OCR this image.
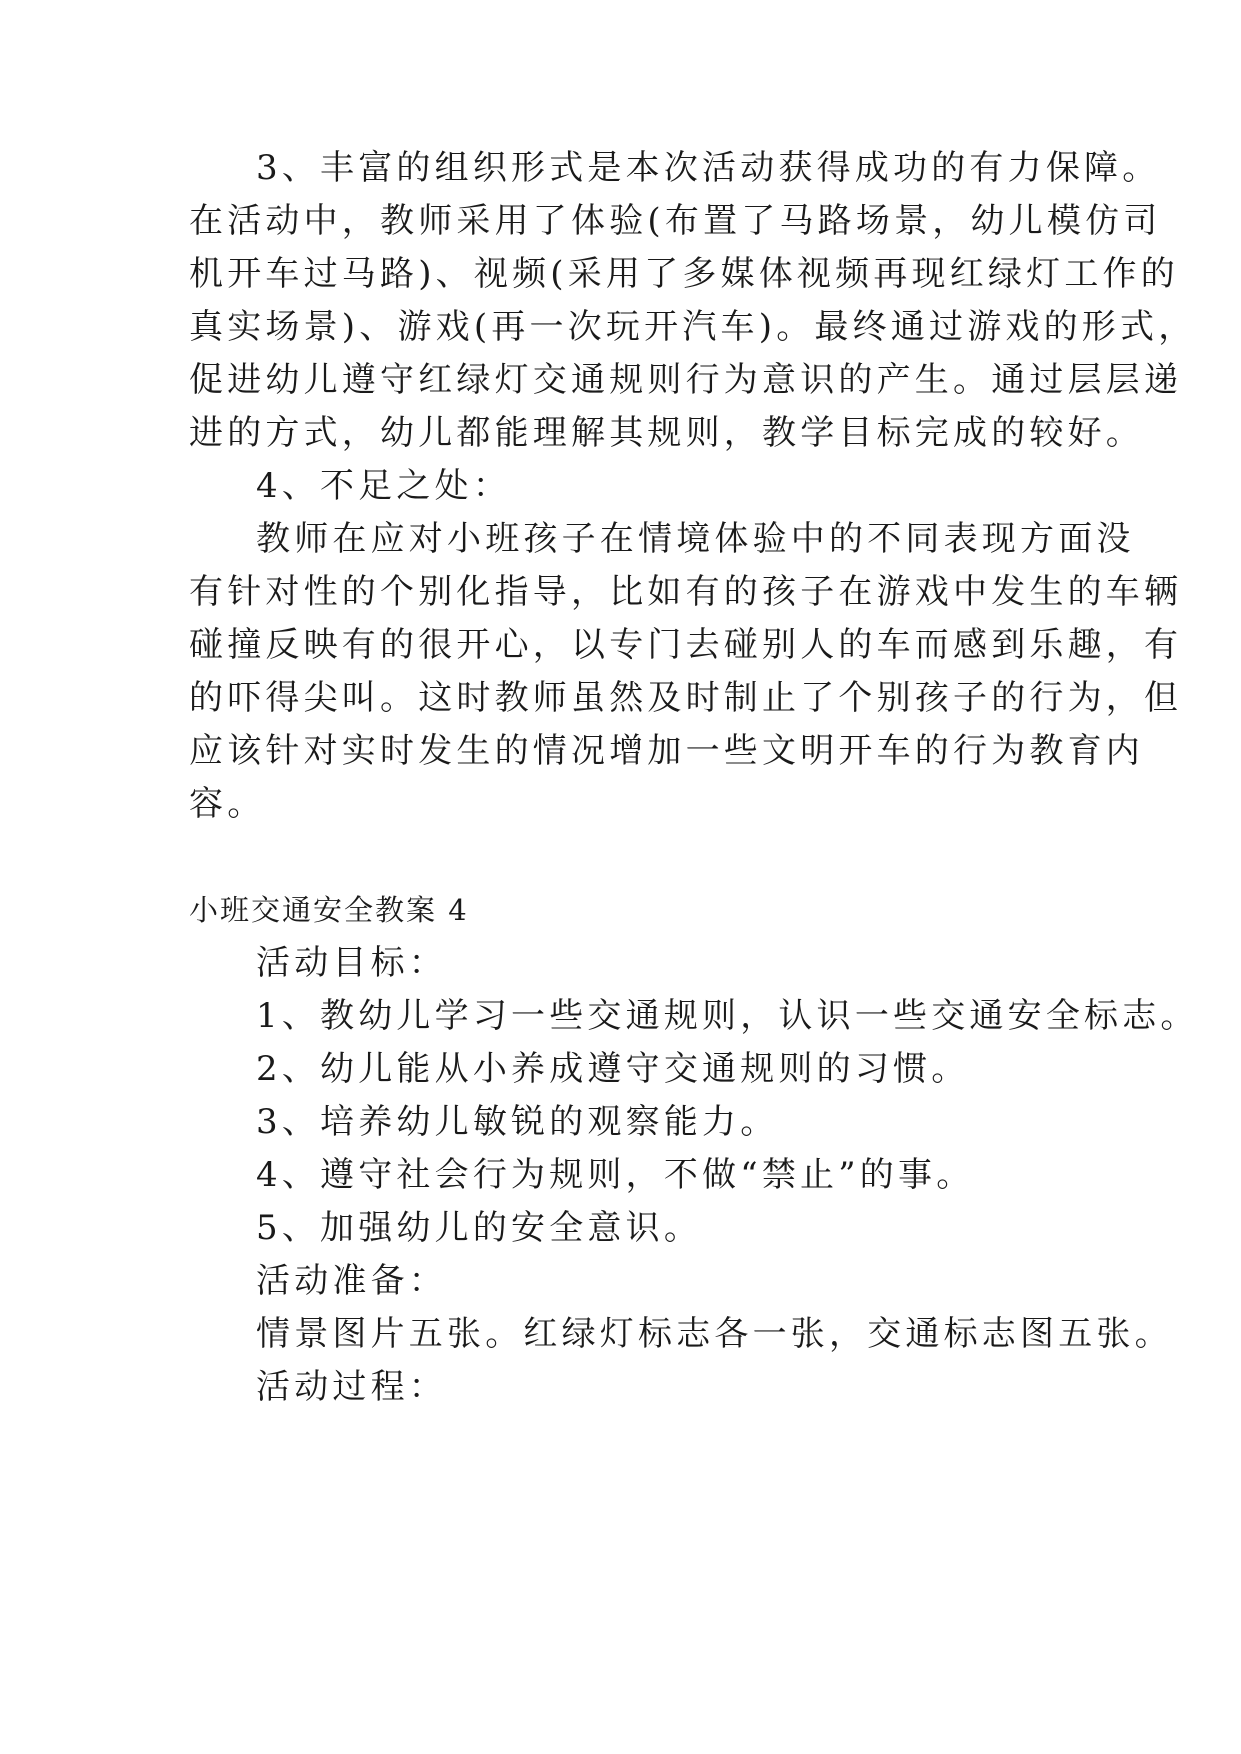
3、丰富的组织形式是本次活动获得成功的有力保障。
在活动中，教师采用了体验(布置了马路场景，幼儿模仿司
机开车过马路)、视频(采用了多媒体视频再现红绿灯工作的
真实场景)、游戏(再一次玩开汽车)。最终通过游戏的形式，
促进幼儿遵守红绿灯交通规则行为意识的产生。通过层层递
进的方式，幼儿都能理解其规则，教学目标完成的较好。
4、不足之处：
教师在应对小班孩子在情境体验中的不同表现方面没
有针对性的个别化指导，比如有的孩子在游戏中发生的车辆
碰撞反映有的很开心，以专门去碰别人的车而感到乐趣，有
的吓得尖叫。这时教师虽然及时制止了个别孩子的行为，但
应该针对实时发生的情况增加一些文明开车的行为教育内
容。
小班交通安全教案 4
活动目标：
1、教幼儿学习一些交通规则，认识一些交通安全标志。
2、幼儿能从小养成遵守交通规则的习惯。
3、培养幼儿敏锐的观察能力。
4、遵守社会行为规则，不做“禁止”的事。
5、加强幼儿的安全意识。
活动准备：
情景图片五张。红绿灯标志各一张，交通标志图五张。
活动过程：
